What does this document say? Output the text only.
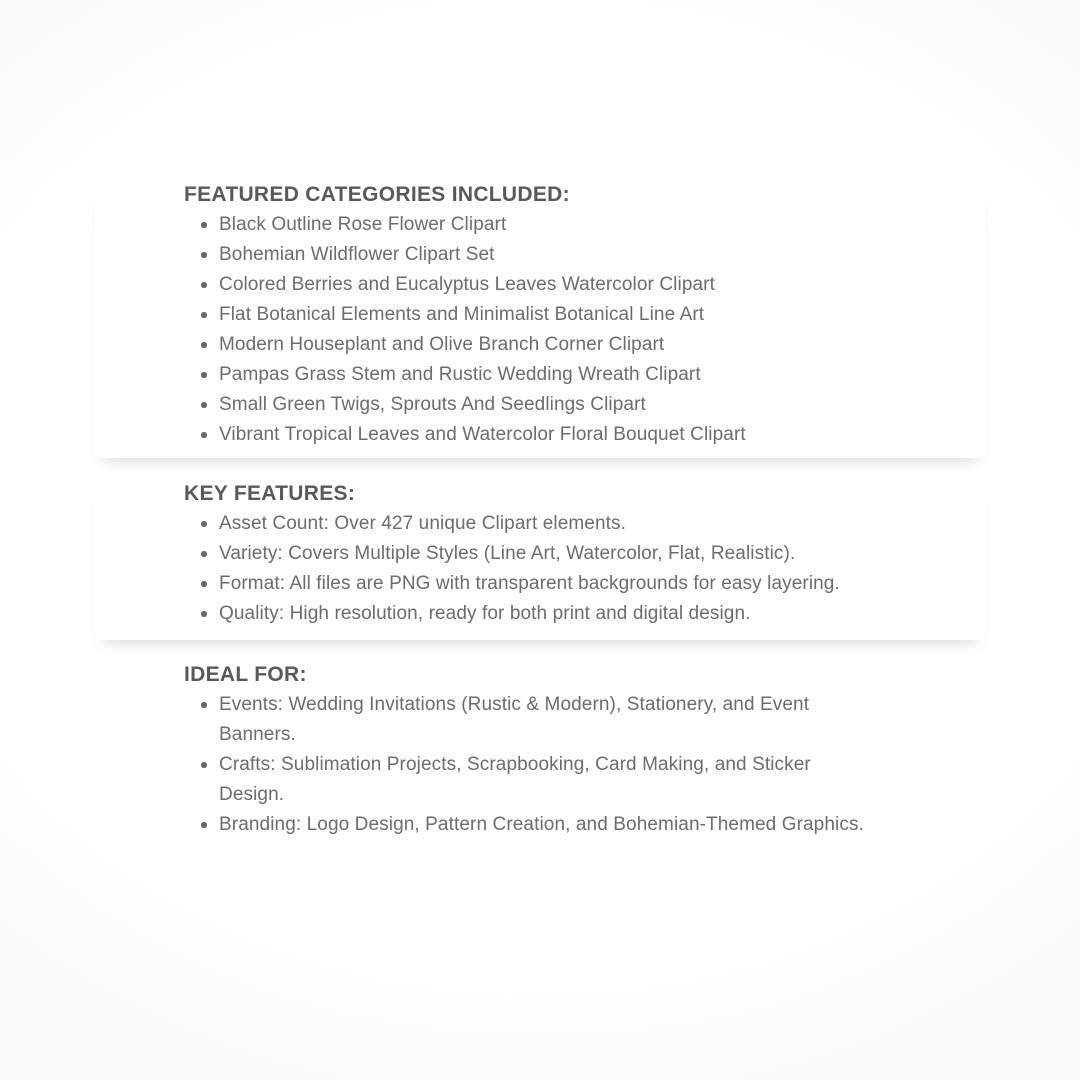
FEATURED CATEGORIES INCLUDED:
Black Outline Rose Flower Clipart
Bohemian Wildflower Clipart Set
Colored Berries and Eucalyptus Leaves Watercolor Clipart
Flat Botanical Elements and Minimalist Botanical Line Art
Modern Houseplant and Olive Branch Corner Clipart
Pampas Grass Stem and Rustic Wedding Wreath Clipart
Small Green Twigs, Sprouts And Seedlings Clipart
Vibrant Tropical Leaves and Watercolor Floral Bouquet Clipart
KEY FEATURES:
Asset Count: Over 427 unique Clipart elements.
Variety: Covers Multiple Styles (Line Art, Watercolor, Flat, Realistic).
Format: All files are PNG with transparent backgrounds for easy layering.
Quality: High resolution, ready for both print and digital design.
IDEAL FOR:
Events: Wedding Invitations (Rustic & Modern), Stationery, and Event Banners.
Crafts: Sublimation Projects, Scrapbooking, Card Making, and Sticker Design.
Branding: Logo Design, Pattern Creation, and Bohemian-Themed Graphics.
